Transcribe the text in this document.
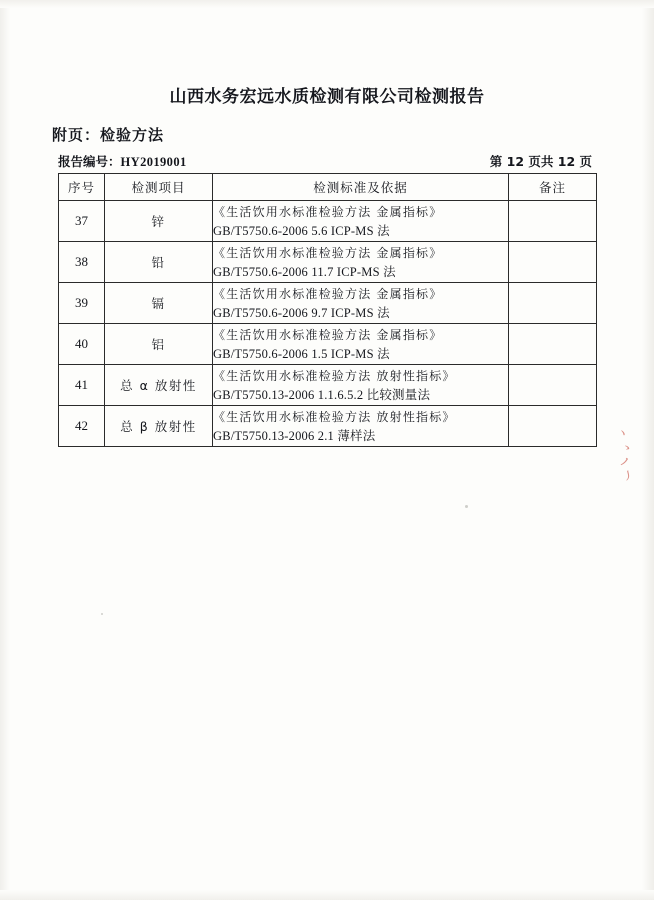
山西水务宏远水质检测有限公司检测报告
附页：检验方法
报告编号：HY2019001	第 12 页共 12 页
序号	检测项目	检测标准及依据	备注
37	锌	《生活饮用水标准检验方法 金属指标》
GB/T5750.6-2006 5.6 ICP-MS 法	

38	铅	《生活饮用水标准检验方法 金属指标》
GB/T5750.6-2006 11.7 ICP-MS 法	

39	镉	《生活饮用水标准检验方法 金属指标》
GB/T5750.6-2006 9.7 ICP-MS 法	

40	铝	《生活饮用水标准检验方法 金属指标》
GB/T5750.6-2006 1.5 ICP-MS 法	

41	总 α 放射性	《生活饮用水标准检验方法 放射性指标》
GB/T5750.13-2006 1.1.6.5.2 比较测量法	

42	总 β 放射性	《生活饮用水标准检验方法 放射性指标》
GB/T5750.13-2006 2.1 薄样法	
		丶
ゝ
ノ
丿
